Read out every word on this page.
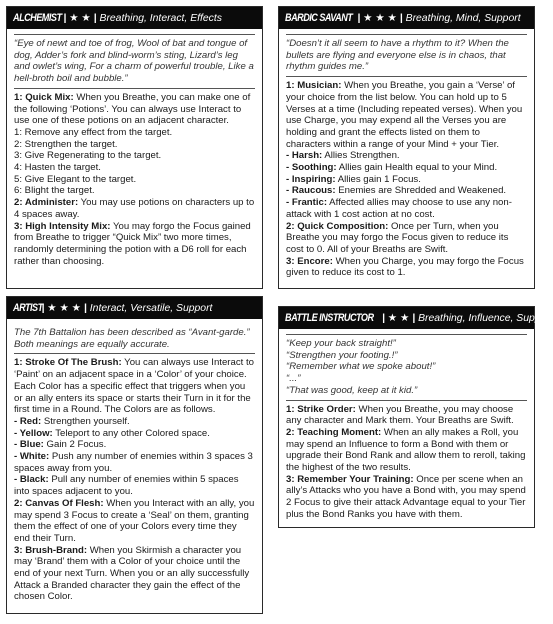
ALCHEMIST | ★ ★ | Breathing, Interact, Effects
“Eye of newt and toe of frog, Wool of bat and tongue of dog, Adder’s fork and blind-worm’s sting, Lizard’s leg and owlet’s wing, For a charm of powerful trouble, Like a hell-broth boil and bubble.”

1: Quick Mix: When you Breathe, you can make one of the following ‘Potions’. You can always use Interact to use one of these potions on an adjacent character.

1: Remove any effect from the target.

2: Strengthen the target.

3: Give Regenerating to the target.

4: Hasten the target.

5: Give Elegant to the target.

6: Blight the target.

2: Administer: You may use potions on characters up to 4 spaces away.

3: High Intensity Mix: You may forgo the Focus gained from Breathe to trigger “Quick Mix” two more times, randomly determining the potion with a D6 roll for each rather than choosing.

BARDIC SAVANT | ★ ★ ★ | Breathing, Mind, Support
“Doesn’t it all seem to have a rhythm to it? When the bullets are flying and everyone else is in chaos, that rhythm guides me.”

1: Musician: When you Breathe, you gain a ‘Verse’ of your choice from the list below. You can hold up to 5 Verses at a time (Including repeated verses). When you use Charge, you may expend all the Verses you are holding and grant the effects listed on them to characters within a range of your Mind + your Tier.

- Harsh: Allies Strengthen.

- Soothing: Allies gain Health equal to your Mind.

- Inspiring: Allies gain 1 Focus.

- Raucous: Enemies are Shredded and Weakened.

- Frantic: Affected allies may choose to use any non-attack with 1 cost action at no cost.

2: Quick Composition: Once per Turn, when you Breathe you may forgo the Focus given to reduce its cost to 0. All of your Breaths are Swift.

3: Encore: When you Charge, you may forgo the Focus given to reduce its cost to 1.

ARTIST
| ★ ★ ★ | Interact, Versatile, Support
The 7th Battalion has been described as “Avant-garde.” Both meanings are equally accurate.

1: Stroke Of The Brush: You can always use Interact to ‘Paint’ on an adjacent space in a ‘Color’ of your choice. Each Color has a specific effect that triggers when you or an ally enters its space or starts their Turn in it for the first time in a Round. The Colors are as follows.

- Red: Strengthen yourself.

- Yellow: Teleport to any other Colored space.

- Blue: Gain 2 Focus.

- White: Push any number of enemies within 3 spaces 3 spaces away from you.

- Black: Pull any number of enemies within 5 spaces into spaces adjacent to you.

2: Canvas Of Flesh: When you Interact with an ally, you may spend 3 Focus to create a ‘Seal’ on them, granting them the effect of one of your Colors every time they end their Turn.

3: Brush-Brand: When you Skirmish a character you may ‘Brand’ them with a Color of your choice until the end of your next Turn. When you or an ally successfully Attack a Branded character they gain the effect of the chosen Color.

BATTLE INSTRUCTOR | ★ ★ | Breathing, Influence, Support
“Keep your back straight!”
“Strengthen your footing.!”
“Remember what we spoke about!”
“...”
“That was good, keep at it kid.”

1: Strike Order: When you Breathe, you may choose any character and Mark them. Your Breaths are Swift.

2: Teaching Moment: When an ally makes a Roll, you may spend an Influence to form a Bond with them or upgrade their Bond Rank and allow them to reroll, taking the highest of the two results.

3: Remember Your Training: Once per scene when an ally’s Attacks who you have a Bond with, you may spend 2 Focus to give their attack Advantage equal to your Tier plus the Bond Ranks you have with them.
